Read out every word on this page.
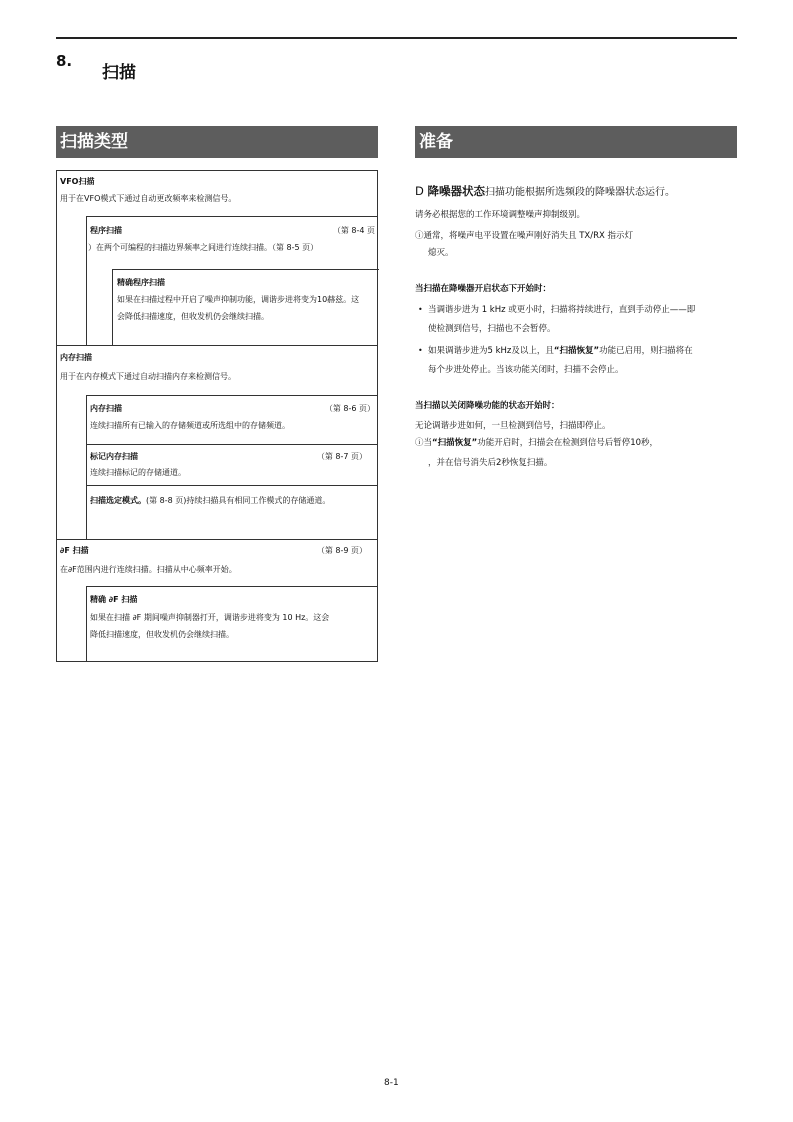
8.
扫描
扫描类型	准备
VFO扫描
用于在VFO模式下通过自动更改频率来检测信号。
程序扫描	（第 8-4 页
）在两个可编程的扫描边界频率之间进行连续扫描。（第 8-5 页）
精确程序扫描
如果在扫描过程中开启了噪声抑制功能，调谐步进将变为10赫兹。这
会降低扫描速度，但收发机仍会继续扫描。
内存扫描
用于在内存模式下通过自动扫描内存来检测信号。
内存扫描	（第 8-6 页）
连续扫描所有已输入的存储频道或所选组中的存储频道。
标记内存扫描	（第 8-7 页）
连续扫描标记的存储通道。
扫描选定模式。(第 8-8 页)持续扫描具有相同工作模式的存储通道。
∂F 扫描	（第 8-9 页）
在∂F范围内进行连续扫描。扫描从中心频率开始。
精确 ∂F 扫描
如果在扫描 ∂F 期间噪声抑制器打开，调谐步进将变为 10 Hz。这会
降低扫描速度，但收发机仍会继续扫描。
D 降噪器状态扫描功能根据所选频段的降噪器状态运行。
请务必根据您的工作环境调整噪声抑制级别。
ⓘ通常，将噪声电平设置在噪声刚好消失且 TX/RX 指示灯
熄灭。
当扫描在降噪器开启状态下开始时：
• 当调谐步进为 1 kHz 或更小时，扫描将持续进行，直到手动停止——即
使检测到信号，扫描也不会暂停。
• 如果调谐步进为5 kHz及以上，且“扫描恢复”功能已启用，则扫描将在
每个步进处停止。当该功能关闭时，扫描不会停止。
当扫描以关闭降噪功能的状态开始时：
无论调谐步进如何，一旦检测到信号，扫描即停止。
ⓘ当“扫描恢复”功能开启时，扫描会在检测到信号后暂停10秒，
，并在信号消失后2秒恢复扫描。
8-1
